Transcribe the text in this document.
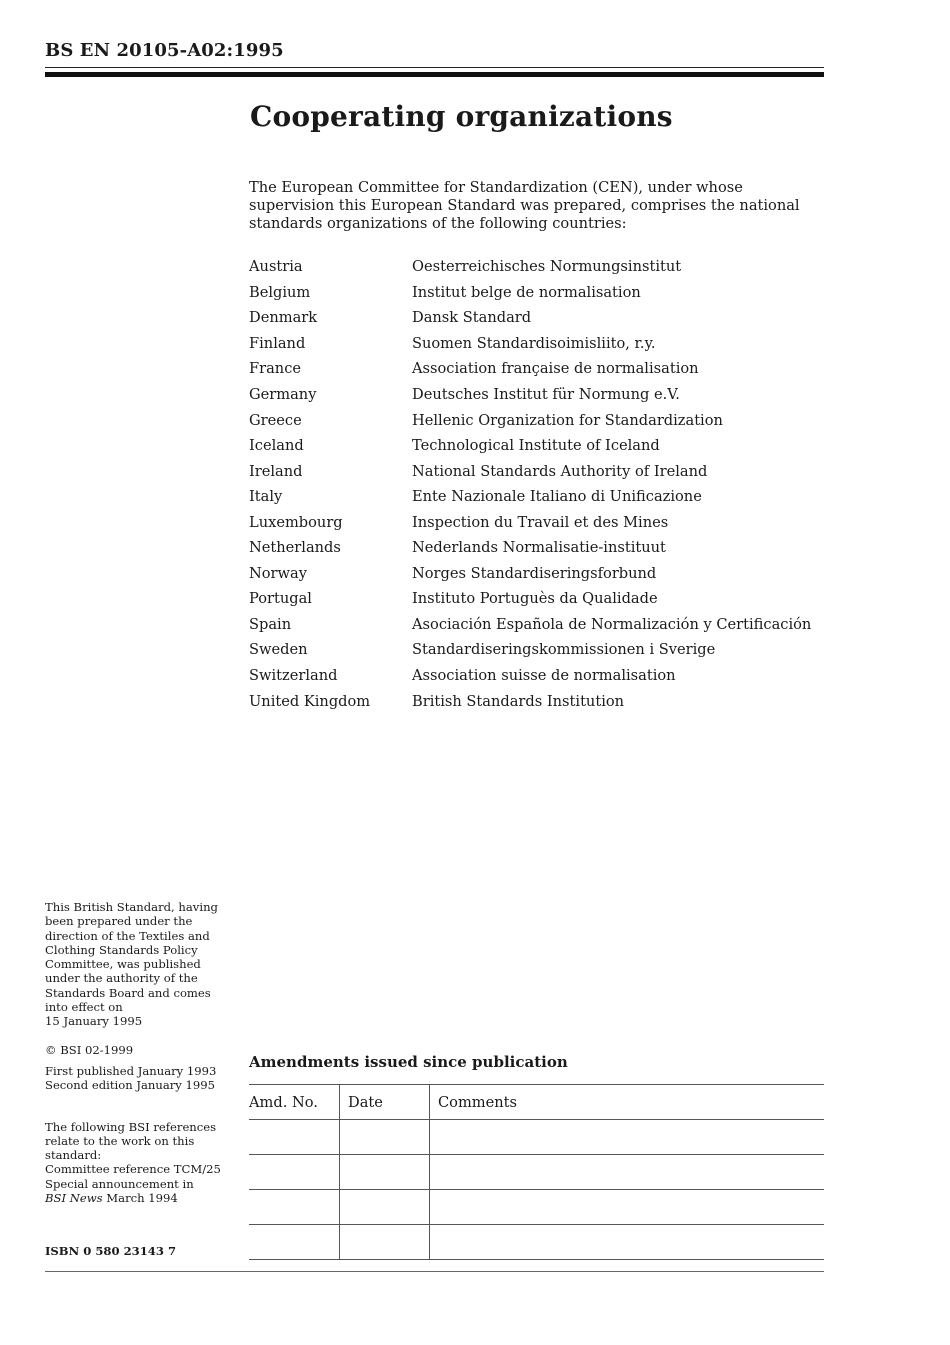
BS EN 20105-A02:1995
Cooperating organizations

The European Committee for Standardization (CEN), under whose supervision this European Standard was prepared, comprises the national standards organizations of the following countries:

Austria	Oesterreichisches Normungsinstitut
Belgium	Institut belge de normalisation
Denmark	Dansk Standard
Finland	Suomen Standardisoimisliito, r.y.
France	Association française de normalisation
Germany	Deutsches Institut für Normung e.V.
Greece	Hellenic Organization for Standardization
Iceland	Technological Institute of Iceland
Ireland	National Standards Authority of Ireland
Italy	Ente Nazionale Italiano di Unificazione
Luxembourg	Inspection du Travail et des Mines
Netherlands	Nederlands Normalisatie-instituut
Norway	Norges Standardiseringsforbund
Portugal	Instituto Portuguès da Qualidade
Spain	Asociación Española de Normalización y Certificación
Sweden	Standardiseringskommissionen i Sverige
Switzerland	Association suisse de normalisation
United Kingdom	British Standards Institution

This British Standard, having been prepared under the direction of the Textiles and Clothing Standards Policy Committee, was published under the authority of the Standards Board and comes into effect on
15 January 1995

© BSI 02-1999

First published January 1993
Second edition January 1995

The following BSI references relate to the work on this standard:
Committee reference TCM/25
Special announcement in
BSI News March 1994

ISBN 0 580 23143 7
Amendments issued since publication
Amd. No.	Date	Comments
